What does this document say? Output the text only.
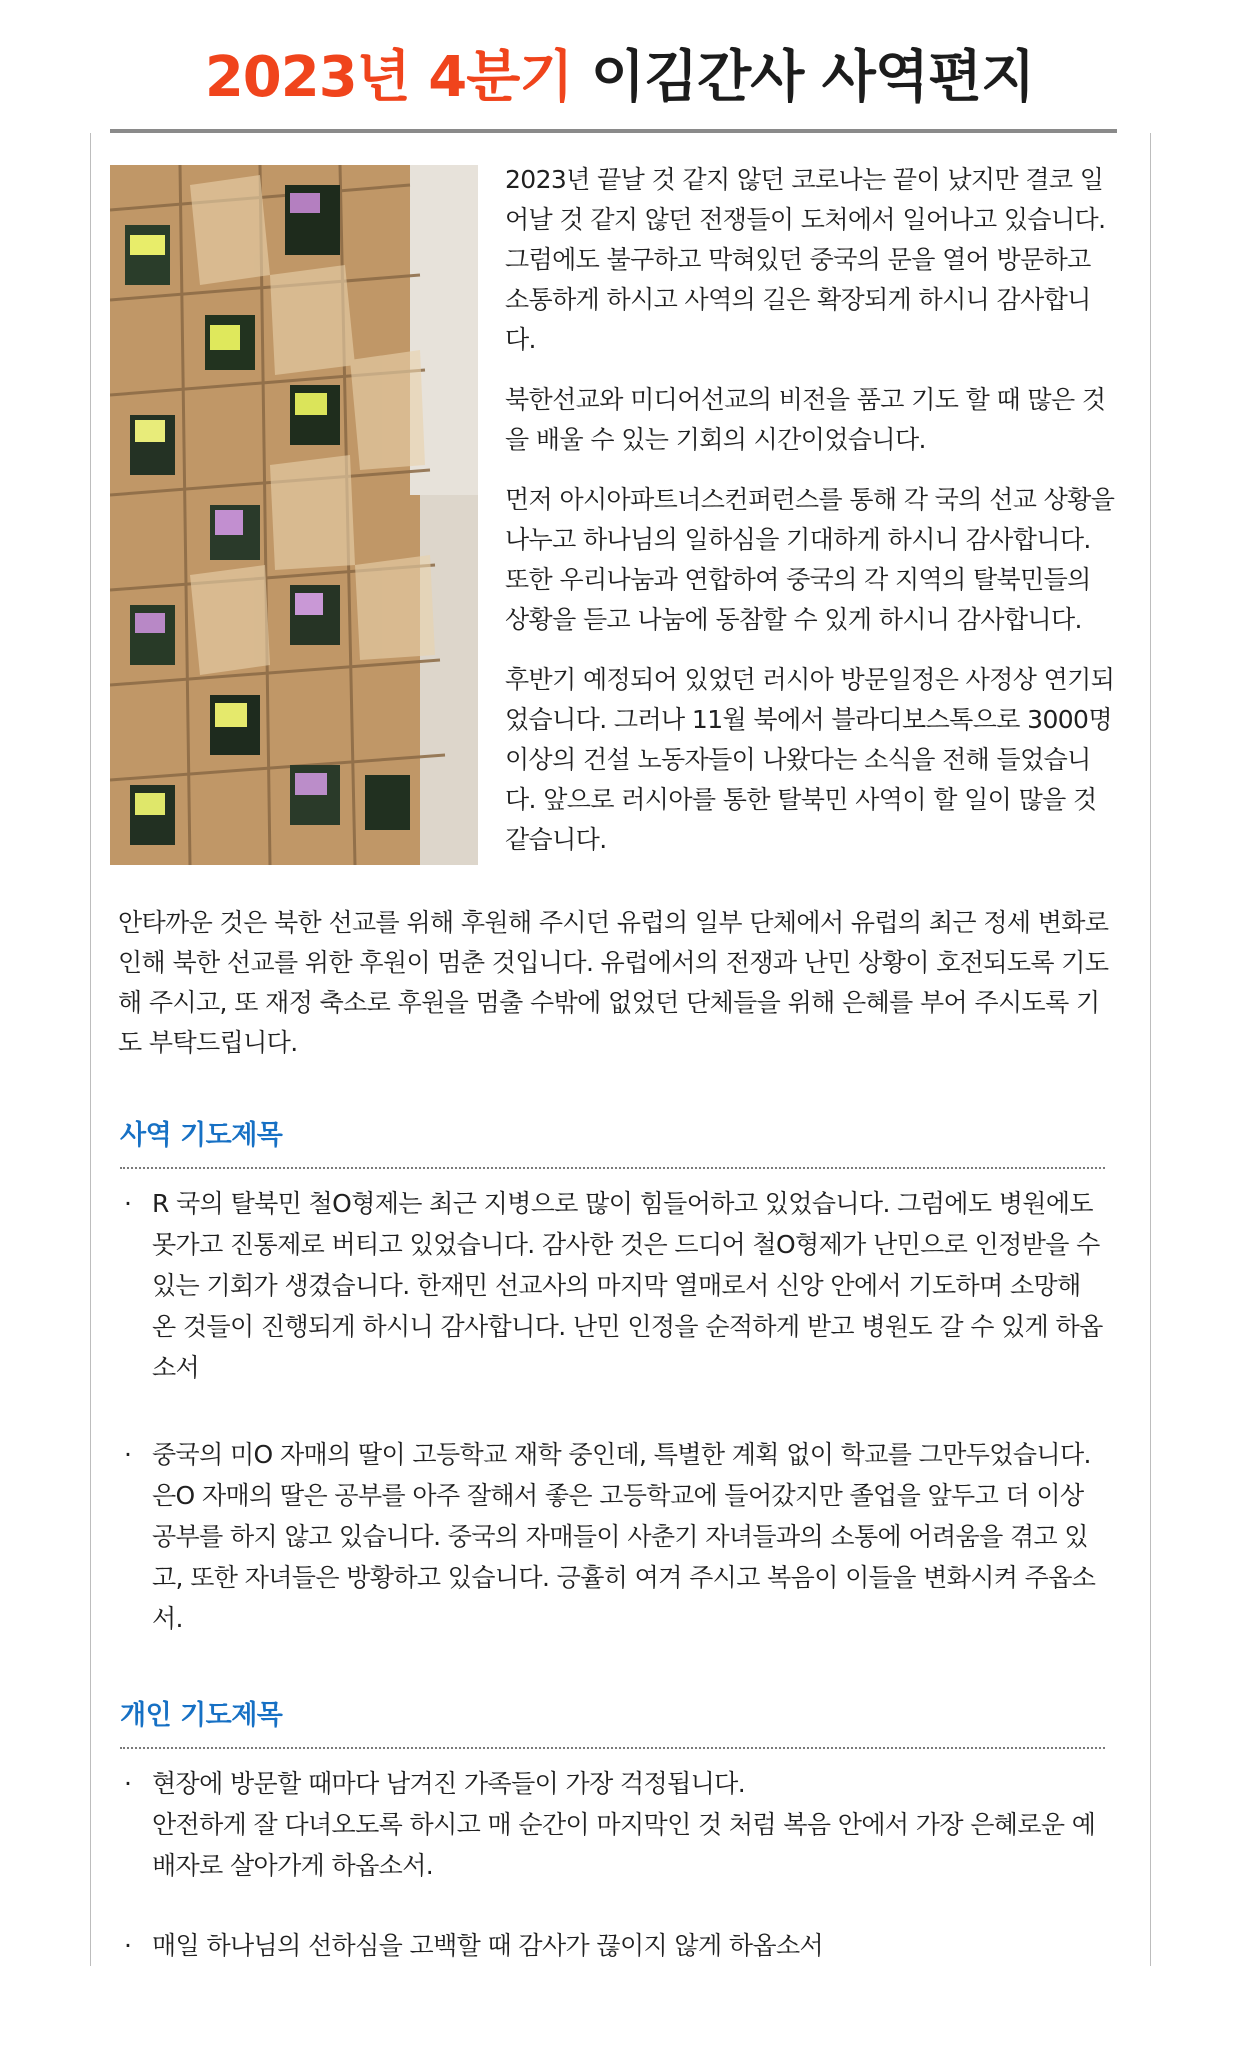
2023년 4분기 이김간사 사역편지

2023년 끝날 것 같지 않던 코로나는 끝이 났지만 결코 일어날 것 같지 않던 전쟁들이 도처에서 일어나고 있습니다. 그럼에도 불구하고 막혀있던 중국의 문을 열어 방문하고 소통하게 하시고 사역의 길은 확장되게 하시니 감사합니다.

북한선교와 미디어선교의 비전을 품고 기도 할 때 많은 것을 배울 수 있는 기회의 시간이었습니다.

먼저 아시아파트너스컨퍼런스를 통해 각 국의 선교 상황을 나누고 하나님의 일하심을 기대하게 하시니 감사합니다. 또한 우리나눔과 연합하여 중국의 각 지역의 탈북민들의 상황을 듣고 나눔에 동참할 수 있게 하시니 감사합니다.

후반기 예정되어 있었던 러시아 방문일정은 사정상 연기되었습니다. 그러나 11월 북에서 블라디보스톡으로 3000명 이상의 건설 노동자들이 나왔다는 소식을 전해 들었습니다. 앞으로 러시아를 통한 탈북민 사역이 할 일이 많을 것 같습니다.

안타까운 것은 북한 선교를 위해 후원해 주시던 유럽의 일부 단체에서 유럽의 최근 정세 변화로 인해 북한 선교를 위한 후원이 멈춘 것입니다. 유럽에서의 전쟁과 난민 상황이 호전되도록 기도해 주시고, 또 재정 축소로 후원을 멈출 수밖에 없었던 단체들을 위해 은혜를 부어 주시도록 기도 부탁드립니다.

사역 기도제목
· R 국의 탈북민 철O형제는 최근 지병으로 많이 힘들어하고 있었습니다. 그럼에도 병원에도 못가고 진통제로 버티고 있었습니다. 감사한 것은 드디어 철O형제가 난민으로 인정받을 수 있는 기회가 생겼습니다. 한재민 선교사의 마지막 열매로서 신앙 안에서 기도하며 소망해 온 것들이 진행되게 하시니 감사합니다. 난민 인정을 순적하게 받고 병원도 갈 수 있게 하옵소서
· 중국의 미O 자매의 딸이 고등학교 재학 중인데, 특별한 계획 없이 학교를 그만두었습니다. 은O 자매의 딸은 공부를 아주 잘해서 좋은 고등학교에 들어갔지만 졸업을 앞두고 더 이상 공부를 하지 않고 있습니다. 중국의 자매들이 사춘기 자녀들과의 소통에 어려움을 겪고 있고, 또한 자녀들은 방황하고 있습니다. 긍휼히 여겨 주시고 복음이 이들을 변화시켜 주옵소서.
개인 기도제목
· 현장에 방문할 때마다 남겨진 가족들이 가장 걱정됩니다.
안전하게 잘 다녀오도록 하시고 매 순간이 마지막인 것 처럼 복음 안에서 가장 은혜로운 예배자로 살아가게 하옵소서.
· 매일 하나님의 선하심을 고백할 때 감사가 끊이지 않게 하옵소서
